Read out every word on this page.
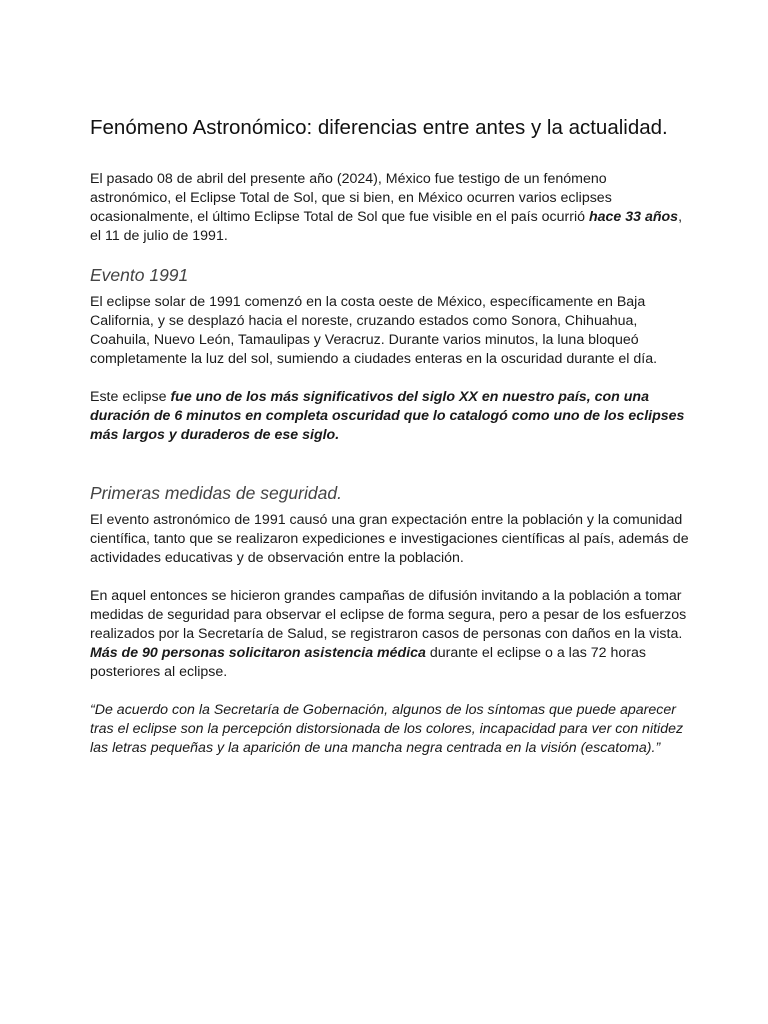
Fenómeno Astronómico: diferencias entre antes y la actualidad.

El pasado 08 de abril del presente año (2024), México fue testigo de un fenómeno astronómico, el Eclipse Total de Sol, que si bien, en México ocurren varios eclipses ocasionalmente, el último Eclipse Total de Sol que fue visible en el país ocurrió hace 33 años, el 11 de julio de 1991.

Evento 1991

El eclipse solar de 1991 comenzó en la costa oeste de México, específicamente en Baja California, y se desplazó hacia el noreste, cruzando estados como Sonora, Chihuahua, Coahuila, Nuevo León, Tamaulipas y Veracruz. Durante varios minutos, la luna bloqueó completamente la luz del sol, sumiendo a ciudades enteras en la oscuridad durante el día.

Este eclipse fue uno de los más significativos del siglo XX en nuestro país, con una duración de 6 minutos en completa oscuridad que lo catalogó como uno de los eclipses más largos y duraderos de ese siglo.

Primeras medidas de seguridad.

El evento astronómico de 1991 causó una gran expectación entre la población y la comunidad científica, tanto que se realizaron expediciones e investigaciones científicas al país, además de actividades educativas y de observación entre la población.

En aquel entonces se hicieron grandes campañas de difusión invitando a la población a tomar medidas de seguridad para observar el eclipse de forma segura, pero a pesar de los esfuerzos realizados por la Secretaría de Salud, se registraron casos de personas con daños en la vista.

Más de 90 personas solicitaron asistencia médica durante el eclipse o a las 72 horas posteriores al eclipse.

“De acuerdo con la Secretaría de Gobernación, algunos de los síntomas que puede aparecer tras el eclipse son la percepción distorsionada de los colores, incapacidad para ver con nitidez las letras pequeñas y la aparición de una mancha negra centrada en la visión (escatoma).”
